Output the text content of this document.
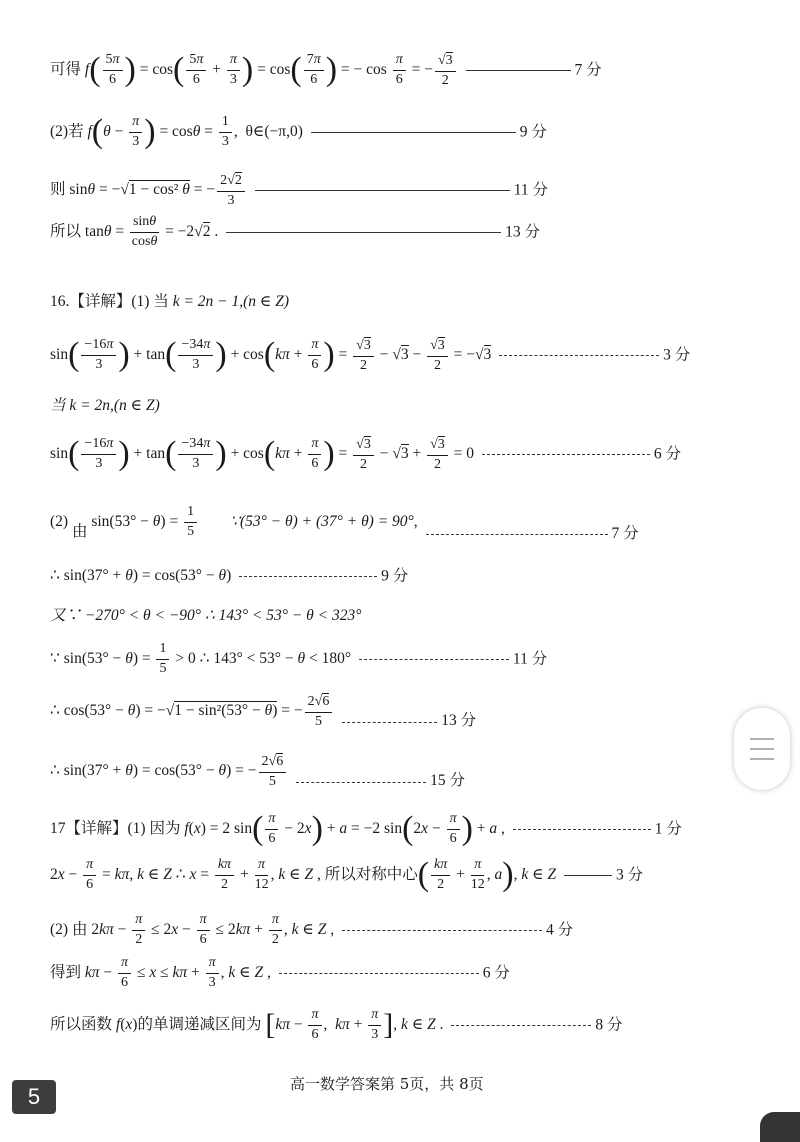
可得 $f( \frac{5\pi}{6}$ ) = $\cos( \frac{5\pi}{6} + \frac{\pi}{3}$ ) = $\cos( \frac{7\pi}{6}$ ) = − $\cos \frac{\pi}{6}$ = − $\frac{√3}{2}$	7 分
(2)若 $f(\theta - \frac{\pi}{3}$ ) = $\cos\theta = \frac{1}{3}$ ,  θ∈(−π,0)	9 分
则 sinθ = −√1 − cos² θ = − $\frac{2√2}{3}$	11 分
所以 $\tan\theta = \frac{\sin\theta}{\cos\theta} = -2√2$ .	13 分
16.【详解】(1) 当 k = 2n − 1,(n ∈ Z)
$\sin( \frac{-16\pi}{3}$ ) + $\tan( \frac{-34\pi}{3}$ ) + $\cos(k\pi + \frac{\pi}{6}$ ) = $\frac{√3}{2} - √3 - \frac{√3}{2} = -√3$	3 分
当 k = 2n,(n ∈ Z)
$\sin( \frac{-16\pi}{3}$ ) + $\tan( \frac{-34\pi}{3}$ ) + $\cos(k\pi + \frac{\pi}{6}$ ) = $\frac{√3}{2} - √3 + \frac{√3}{2} = 0$	6 分
(2) 由 $\sin(53^\circ - \theta) = \frac{1}{5}$ ∵(53° − θ) + (37° + θ) = 90°, 7 分
∴ sin(37° + θ) = cos(53° − θ)	9 分
又∵ −270° < θ < −90° ∴ 143° < 53° − θ < 323°
∵ $\sin(53^\circ - \theta) = \frac{1}{5} > 0$ ∴ 143° < 53° − θ < 180°	11 分
∴ cos(53° − θ) = −√1 − sin²(53° − θ) = − $\frac{2√6}{5}$	13 分
∴ sin(37° + θ) = cos(53° − θ) = − $\frac{2√6}{5}$	15 分
17【详解】(1) 因为 f(x) = 2 $\sin( \frac{\pi}{6} - 2x) + a = -2$ $\sin(2x - \frac{\pi}{6}$ ) + a ,	1 分
$2x - \frac{\pi}{6} = k\pi$, k ∈ Z ∴ $x = \frac{k\pi}{2} + \frac{\pi}{12}$ , k ∈ Z , 所以对称中心( $\frac{k\pi}{2} + \frac{\pi}{12}$ , a), k ∈ Z	3 分
(2) 由 $2k\pi - \frac{\pi}{2} \le 2x - \frac{\pi}{6} \le 2k\pi + \frac{\pi}{2}$ , k ∈ Z ,	4 分
得到 $k\pi - \frac{\pi}{6} \le x \le k\pi + \frac{\pi}{3}$ , k ∈ Z ,	6 分
所以函数 f(x)的单调递减区间为 [$k\pi - \frac{\pi}{6}$ ,  $k\pi + \frac{\pi}{3}$ ], k ∈ Z .	8 分
高一数学答案第 5页，共 8页
5
